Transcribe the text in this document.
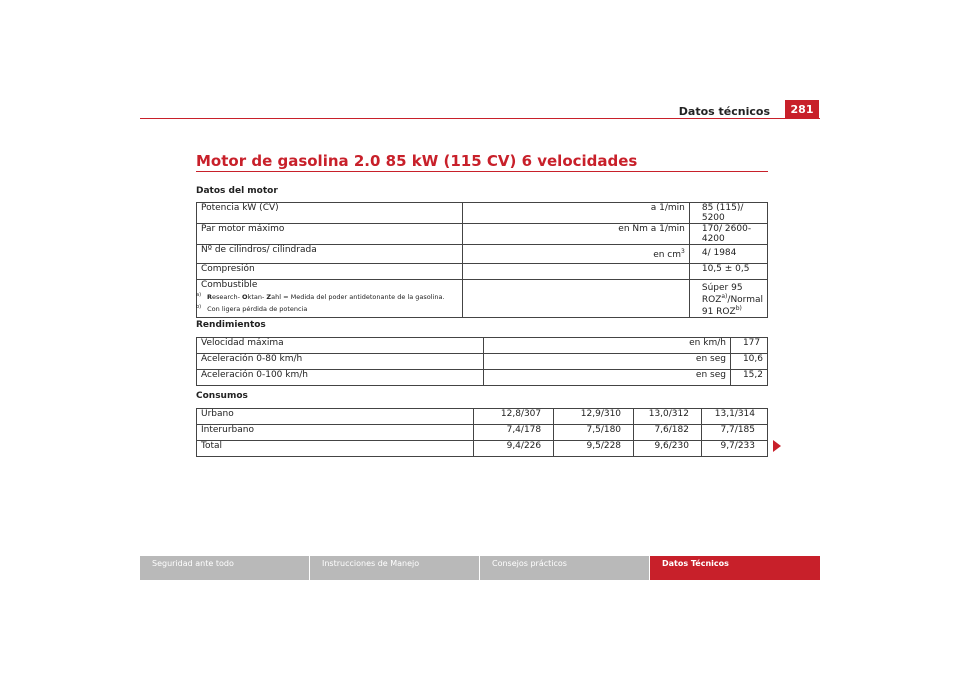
Datos técnicos	281
Motor de gasolina 2.0 85 kW (115 CV) 6 velocidades
Datos del motor
Potencia kW (CV)	a 1/min	85 (115)/ 5200
Par motor máximo	en Nm a 1/min	170/ 2600-4200
Nº de cilindros/ cilindrada	en $cm^3$	4/ 1984
Compresión		10,5 ± 0,5
Combustible		Súper 95 ROZ$^{a)}$/Normal 91 ROZ$^{b)}$
$^{a)}$ Research- Oktan- Zahl = Medida del poder antidetonante de la gasolina.
$^{b)}$ Con ligera pérdida de potencia
Rendimientos
Velocidad máxima	en km/h	177
Aceleración 0-80 km/h	en seg	10,6
Aceleración 0-100 km/h	en seg	15,2
Consumos
Urbano	12,8/307	12,9/310	13,0/312	13,1/314
Interurbano	7,4/178	7,5/180	7,6/182	7,7/185
Total	9,4/226	9,5/228	9,6/230	9,7/233
Seguridad ante todo	Instrucciones de Manejo	Consejos prácticos	Datos Técnicos
